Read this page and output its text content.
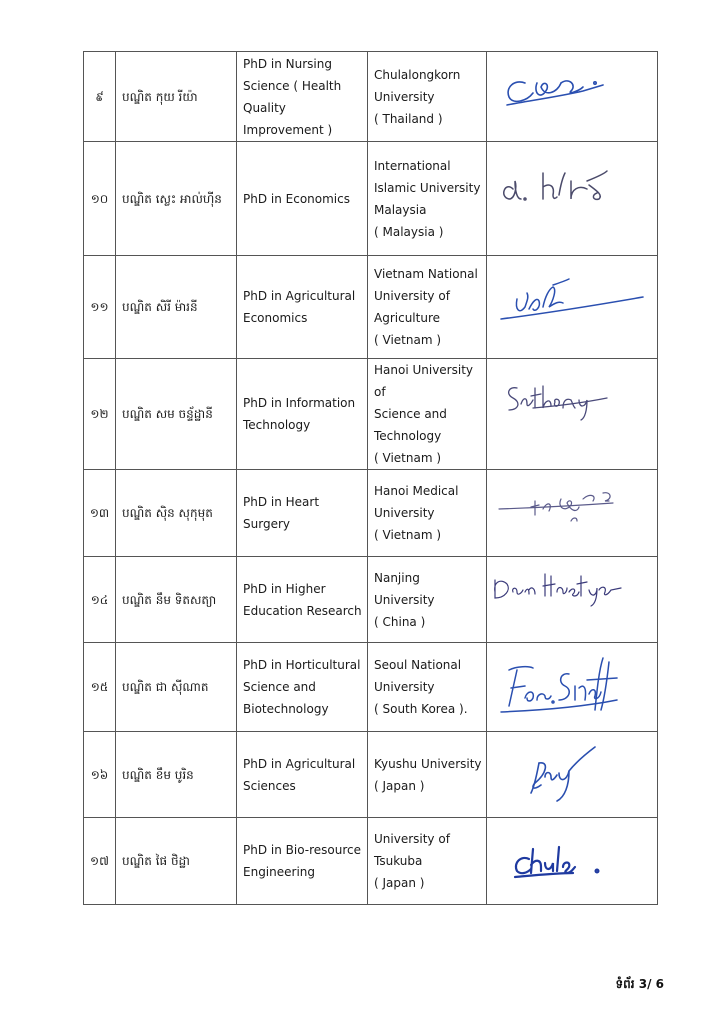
៩	បណ្ឌិត កុយ រីយ៉ា	PhD in Nursing
Science ( Health
Quality Improvement )	Chulalongkorn
University
( Thailand )

១០	បណ្ឌិត ស្លេះ អាល់ហ៊ីន	PhD in Economics	International
Islamic University
Malaysia
( Malaysia )

១១	បណ្ឌិត សិរី ម៉ារនី	PhD in Agricultural
Economics	Vietnam National
University of
Agriculture
( Vietnam )

១២	បណ្ឌិត សម ចន្ទ័ដ្ឋានី	PhD in Information
Technology	Hanoi University of
Science and
Technology
( Vietnam )

១៣	បណ្ឌិត ស៊ិន សុកុមុត	PhD in Heart Surgery	Hanoi Medical
University
( Vietnam )

១៤	បណ្ឌិត នឹម ទិតសត្យា	PhD in Higher
Education Research	Nanjing University
( China )

១៥	បណ្ឌិត ជា ស៊ីណាត	PhD in Horticultural
Science and
Biotechnology	Seoul National
University
( South Korea ).

១៦	បណ្ឌិត ខឹម បូរិន	PhD in Agricultural
Sciences	Kyushu University
( Japan )

១៧	បណ្ឌិត ផៃ ថិដ្ឋា	PhD in Bio-resource
Engineering	University of
Tsukuba
( Japan )

ទំព័រ 3/ 6
